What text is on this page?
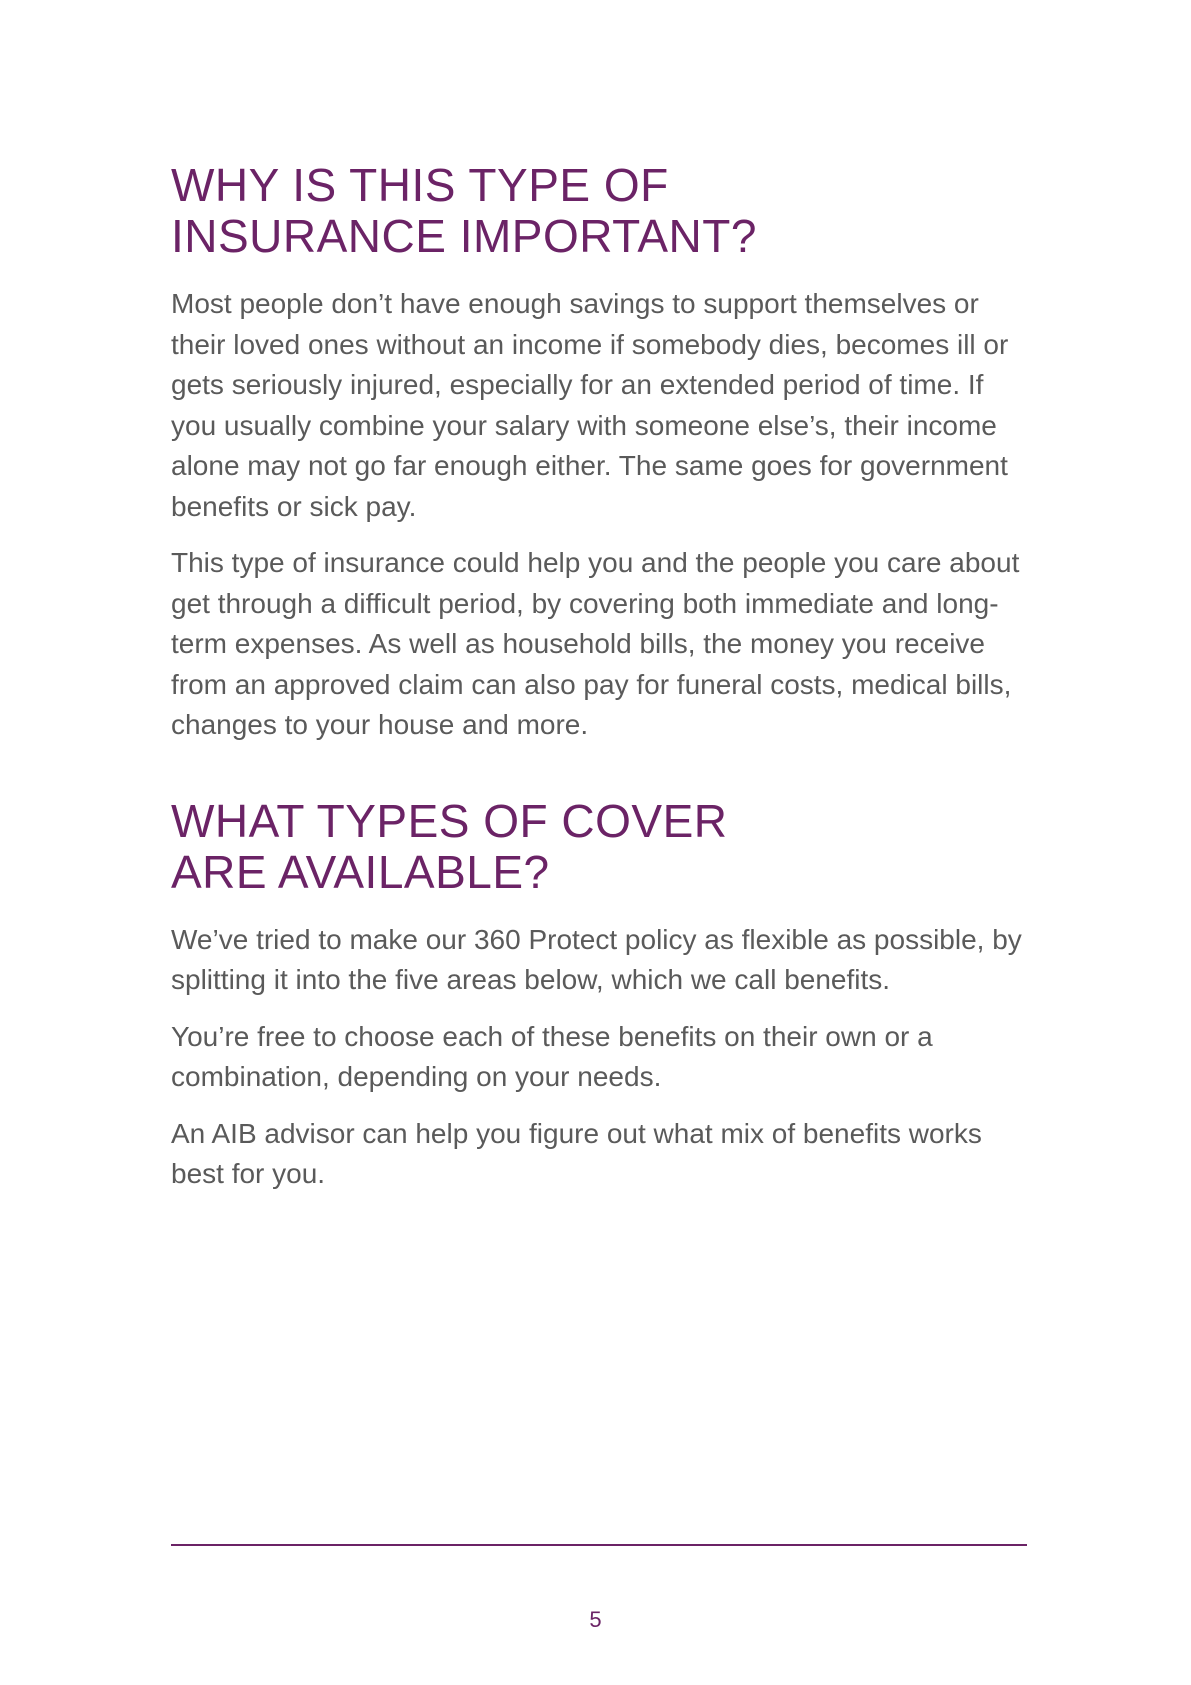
WHY IS THIS TYPE OF
INSURANCE IMPORTANT?

Most people don’t have enough savings to support themselves or their loved ones without an income if somebody dies, becomes ill or gets seriously injured, especially for an extended period of time. If you usually combine your salary with someone else’s, their income alone may not go far enough either. The same goes for government benefits or sick pay.

This type of insurance could help you and the people you care about get through a difficult period, by covering both immediate and long-term expenses. As well as household bills, the money you receive from an approved claim can also pay for funeral costs, medical bills, changes to your house and more.

WHAT TYPES OF COVER
ARE AVAILABLE?

We’ve tried to make our 360 Protect policy as flexible as possible, by splitting it into the five areas below, which we call benefits.

You’re free to choose each of these benefits on their own or a combination, depending on your needs.

An AIB advisor can help you figure out what mix of benefits works best for you.

5
